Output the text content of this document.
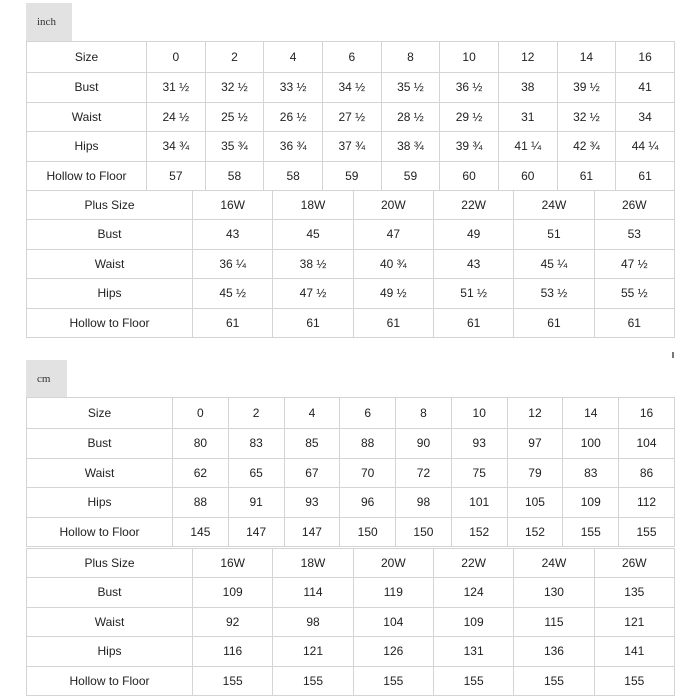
inch
Size	0	2	4	6	8	10	12	14	16
Bust	31 ½	32 ½	33 ½	34 ½	35 ½	36 ½	38	39 ½	41
Waist	24 ½	25 ½	26 ½	27 ½	28 ½	29 ½	31	32 ½	34
Hips	34 ¾	35 ¾	36 ¾	37 ¾	38 ¾	39 ¾	41 ¼	42 ¾	44 ¼
Hollow to Floor	57	58	58	59	59	60	60	61	61
Plus Size	16W	18W	20W	22W	24W	26W
Bust	43	45	47	49	51	53
Waist	36 ¼	38 ½	40 ¾	43	45 ¼	47 ½
Hips	45 ½	47 ½	49 ½	51 ½	53 ½	55 ½
Hollow to Floor	61	61	61	61	61	61
cm
Size	0	2	4	6	8	10	12	14	16
Bust	80	83	85	88	90	93	97	100	104
Waist	62	65	67	70	72	75	79	83	86
Hips	88	91	93	96	98	101	105	109	112
Hollow to Floor	145	147	147	150	150	152	152	155	155
Plus Size	16W	18W	20W	22W	24W	26W
Bust	109	114	119	124	130	135
Waist	92	98	104	109	115	121
Hips	116	121	126	131	136	141
Hollow to Floor	155	155	155	155	155	155
